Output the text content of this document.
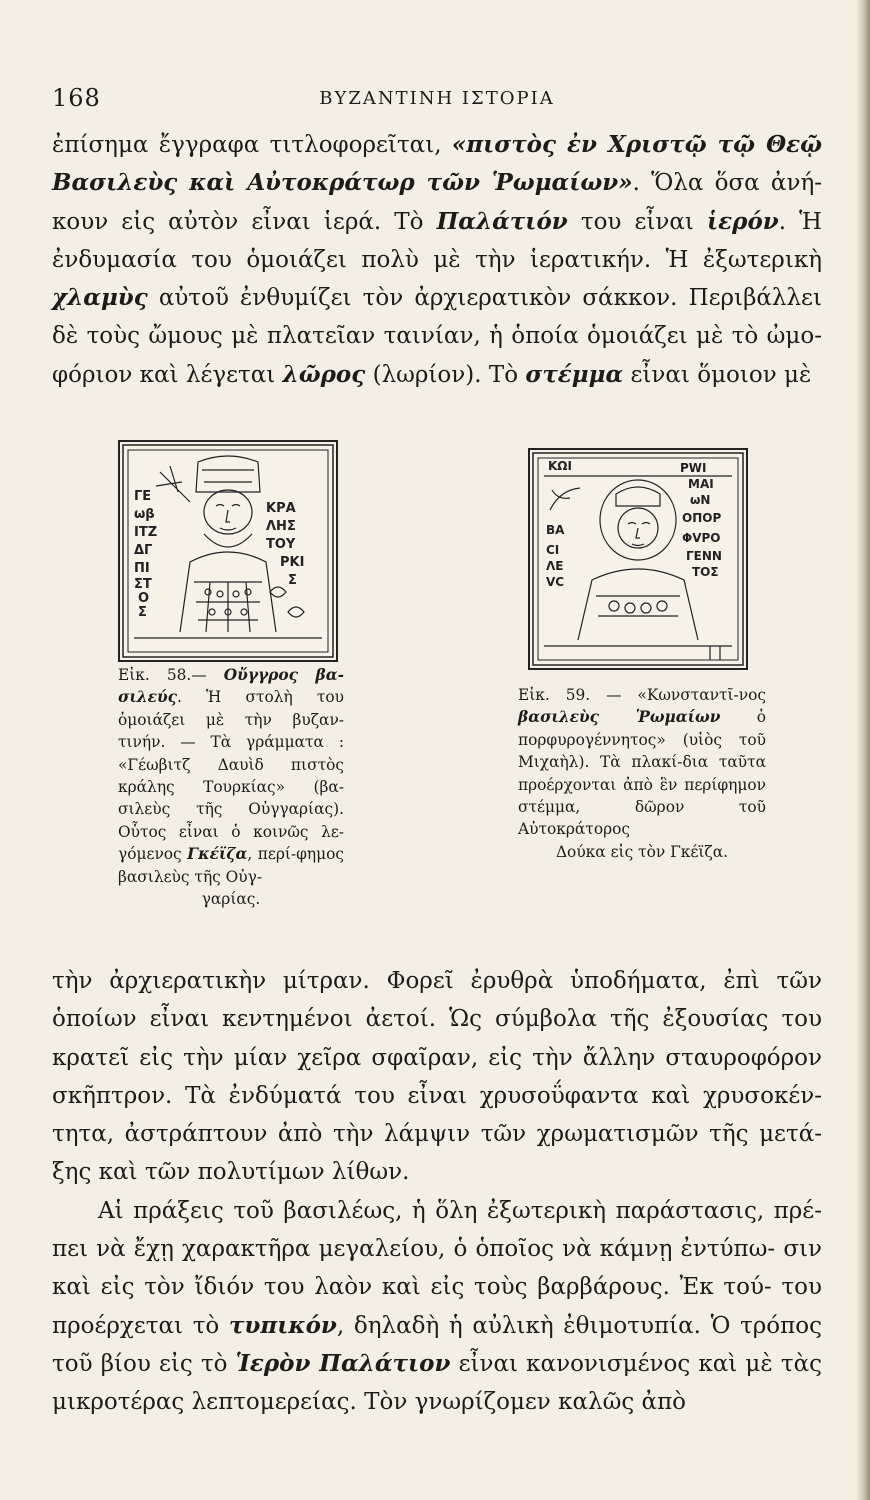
168	ΒΥΖΑΝΤΙΝΗ ΙΣΤΟΡΙΑ

ἐπίσημα ἔγγραφα τιτλοφορεῖται, «πιστὸς ἐν Χριστῷ τῷ Θεῷ Βασιλεὺς καὶ Αὐτοκράτωρ τῶν Ῥωμαίων». Ὅλα ὅσα ἀνή- κουν εἰς αὐτὸν εἶναι ἱερά. Τὸ Παλάτιόν του εἶναι ἱερόν. Ἡ ἐνδυμασία του ὁμοιάζει πολὺ μὲ τὴν ἱερατικήν. Ἡ ἐξωτερικὴ χλαμὺς αὐτοῦ ἐνθυμίζει τὸν ἀρχιερατικὸν σάκκον. Περιβάλλει δὲ τοὺς ὤμους μὲ πλατεῖαν ταινίαν, ἡ ὁποία ὁμοιάζει μὲ τὸ ὠμο- φόριον καὶ λέγεται λῶρος (λωρίον). Τὸ στέμμα εἶναι ὅμοιον μὲ

ΓΕ
ωβ
ΙΤΖ
ΔΓ
ΠΙ
ΣΤ
Ο
Σ
ΚΡΑ
ΛΗΣ
ΤΟΥ
ΡΚΙ
Σ
Εἰκ. 58.— Οὔγγρος βα-σιλεύς. Ἡ στολὴ του ὁμοιάζει μὲ τὴν βυζαν-τινήν. — Τὰ γράμματα : «Γέωβιτζ Δαυὶδ πιστὸς κράλης Τουρκίας» (βα-σιλεὺς τῆς Οὐγγαρίας). Οὗτος εἶναι ὁ κοινῶς λε-γόμενος Γκέϊζα, περί-φημος βασιλεὺς τῆς Οὐγ-
γαρίας.
ΚΩΙ	ΡWΙ
ΒΑ
CΙ
ΛΕ
VC
ΜΑΙ
ωΝ
ΟΠΟΡ
ΦVΡΟ
ΓΕΝΝ
ΤΟΣ
Εἰκ. 59. — «Κωνσταντῖ-νος βασιλεὺς Ῥωμαίων ὁ πορφυρογέννητος» (υἱὸς τοῦ Μιχαὴλ). Τὰ πλακί-δια ταῦτα προέρχονται ἀπὸ ἓν περίφημον στέμμα, δῶρον τοῦ Αὐτοκράτορος
Δούκα εἰς τὸν Γκέϊζα.

τὴν ἀρχιερατικὴν μίτραν. Φορεῖ ἐρυθρὰ ὑποδήματα, ἐπὶ τῶν ὁποίων εἶναι κεντημένοι ἀετοί. Ὡς σύμβολα τῆς ἐξουσίας του κρατεῖ εἰς τὴν μίαν χεῖρα σφαῖραν, εἰς τὴν ἄλλην σταυροφόρον σκῆπτρον. Τὰ ἐνδύματά του εἶναι χρυσοΰφαντα καὶ χρυσοκέν- τητα, ἀστράπτουν ἀπὸ τὴν λάμψιν τῶν χρωματισμῶν τῆς μετά- ξης καὶ τῶν πολυτίμων λίθων.

Αἱ πράξεις τοῦ βασιλέως, ἡ ὅλη ἐξωτερικὴ παράστασις, πρέ- πει νὰ ἔχῃ χαρακτῆρα μεγαλείου, ὁ ὁποῖος νὰ κάμνῃ ἐντύπω- σιν καὶ εἰς τὸν ἴδιόν του λαὸν καὶ εἰς τοὺς βαρβάρους. Ἐκ τού- του προέρχεται τὸ τυπικόν, δηλαδὴ ἡ αὐλικὴ ἐθιμοτυπία. Ὁ τρόπος τοῦ βίου εἰς τὸ Ἱερὸν Παλάτιον εἶναι κανονισμένος καὶ μὲ τὰς μικροτέρας λεπτομερείας. Τὸν γνωρίζομεν καλῶς ἀπὸ
